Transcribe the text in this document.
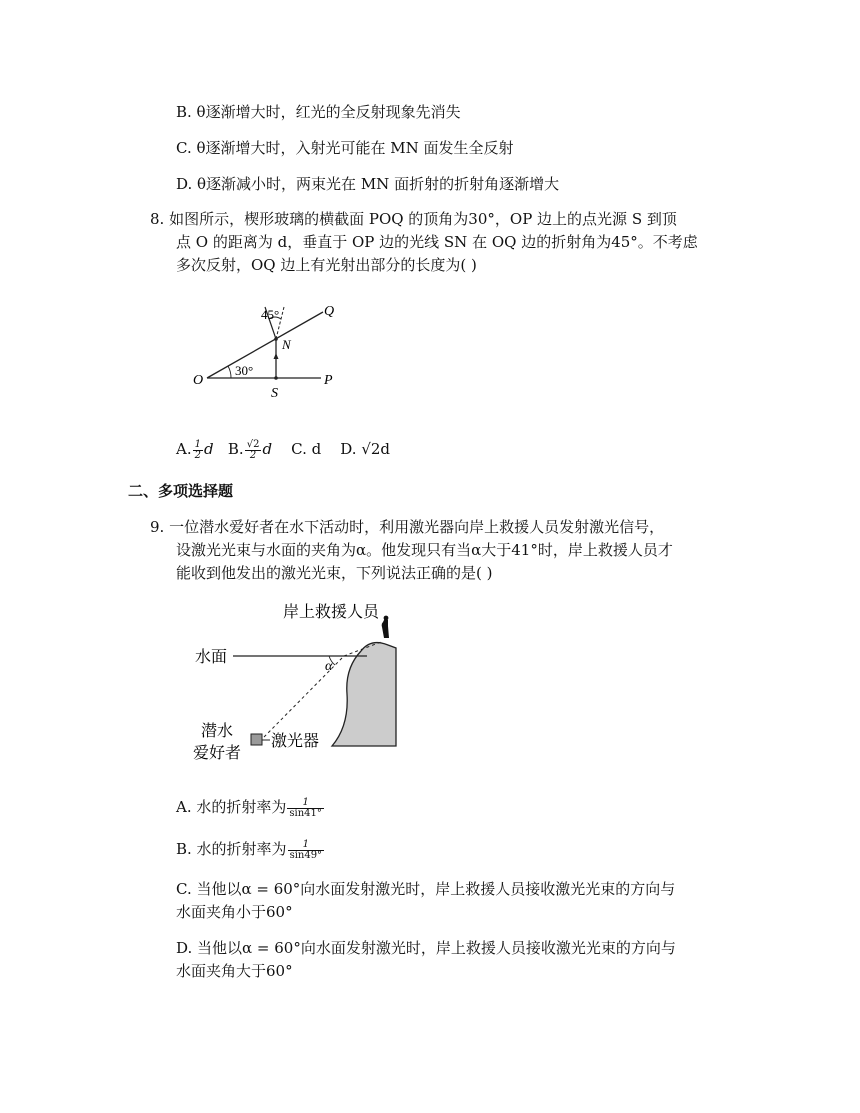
B. θ逐渐增大时，红光的全反射现象先消失
C. θ逐渐增大时，入射光可能在 MN 面发生全反射
D. θ逐渐减小时，两束光在 MN 面折射的折射角逐渐增大
8. 如图所示，楔形玻璃的横截面 POQ 的顶角为30°，OP 边上的点光源 S 到顶
点 O 的距离为 d，垂直于 OP 边的光线 SN 在 OQ 边的折射角为45°。不考虑
多次反射，OQ 边上有光射出部分的长度为( )
45°
30°
O
S
P
Q
N
A. $\frac{1}{2}$ d B. $\frac{√2}{2}$ d C. d D. √2d
二、多项选择题
9. 一位潜水爱好者在水下活动时，利用激光器向岸上救援人员发射激光信号，
设激光光束与水面的夹角为α。他发现只有当α大于41°时，岸上救援人员才
能收到他发出的激光光束，下列说法正确的是( )
岸上救援人员
水面
α
潜水
爱好者
激光器
A. 水的折射率为 $\frac{1}{\sin 41^\circ}$
B. 水的折射率为 $\frac{1}{\sin 49^\circ}$
C. 当他以α = 60°向水面发射激光时，岸上救援人员接收激光光束的方向与
水面夹角小于60°
D. 当他以α = 60°向水面发射激光时，岸上救援人员接收激光光束的方向与
水面夹角大于60°
